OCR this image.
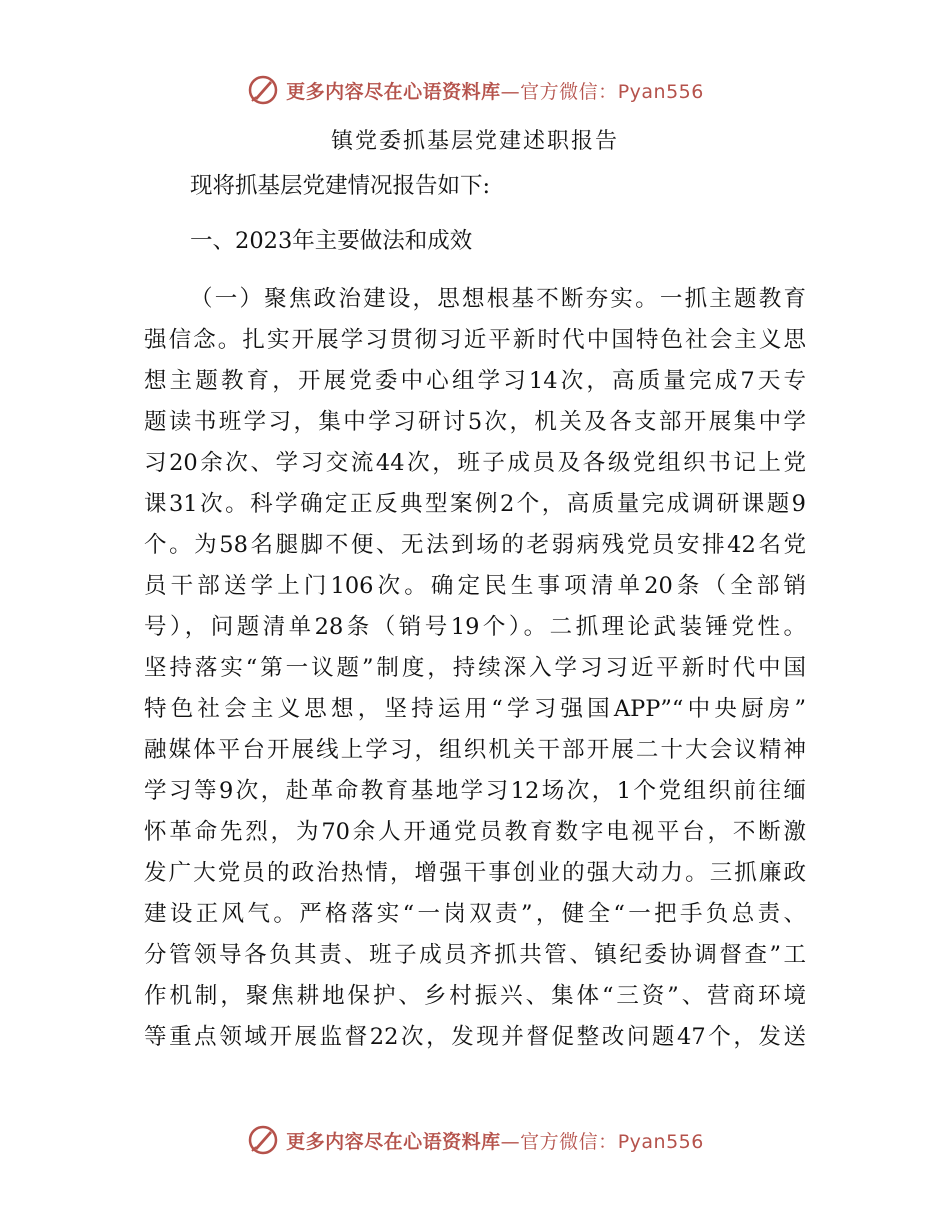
更多内容尽在心语资料库—官方微信：Pyan556
镇党委抓基层党建述职报告
现将抓基层党建情况报告如下:
一、2023年主要做法和成效
（一）聚焦政治建设，思想根基不断夯实。一抓主题教育
强信念。扎实开展学习贯彻习近平新时代中国特色社会主义思
想主题教育，开展党委中心组学习14次，高质量完成7天专
题读书班学习，集中学习研讨5次，机关及各支部开展集中学
习20余次、学习交流44次，班子成员及各级党组织书记上党
课31次。科学确定正反典型案例2个，高质量完成调研课题9
个。为58名腿脚不便、无法到场的老弱病残党员安排42名党
员干部送学上门106次。确定民生事项清单20条（全部销
号），问题清单28条（销号19个）。二抓理论武装锤党性。
坚持落实“第一议题”制度，持续深入学习习近平新时代中国
特色社会主义思想，坚持运用“学习强国APP”“中央厨房”
融媒体平台开展线上学习，组织机关干部开展二十大会议精神
学习等9次，赴革命教育基地学习12场次，1个党组织前往缅
怀革命先烈，为70余人开通党员教育数字电视平台，不断激
发广大党员的政治热情，增强干事创业的强大动力。三抓廉政
建设正风气。严格落实“一岗双责”，健全“一把手负总责、
分管领导各负其责、班子成员齐抓共管、镇纪委协调督查”工
作机制，聚焦耕地保护、乡村振兴、集体“三资”、营商环境
等重点领域开展监督22次，发现并督促整改问题47个，发送
更多内容尽在心语资料库—官方微信：Pyan556
